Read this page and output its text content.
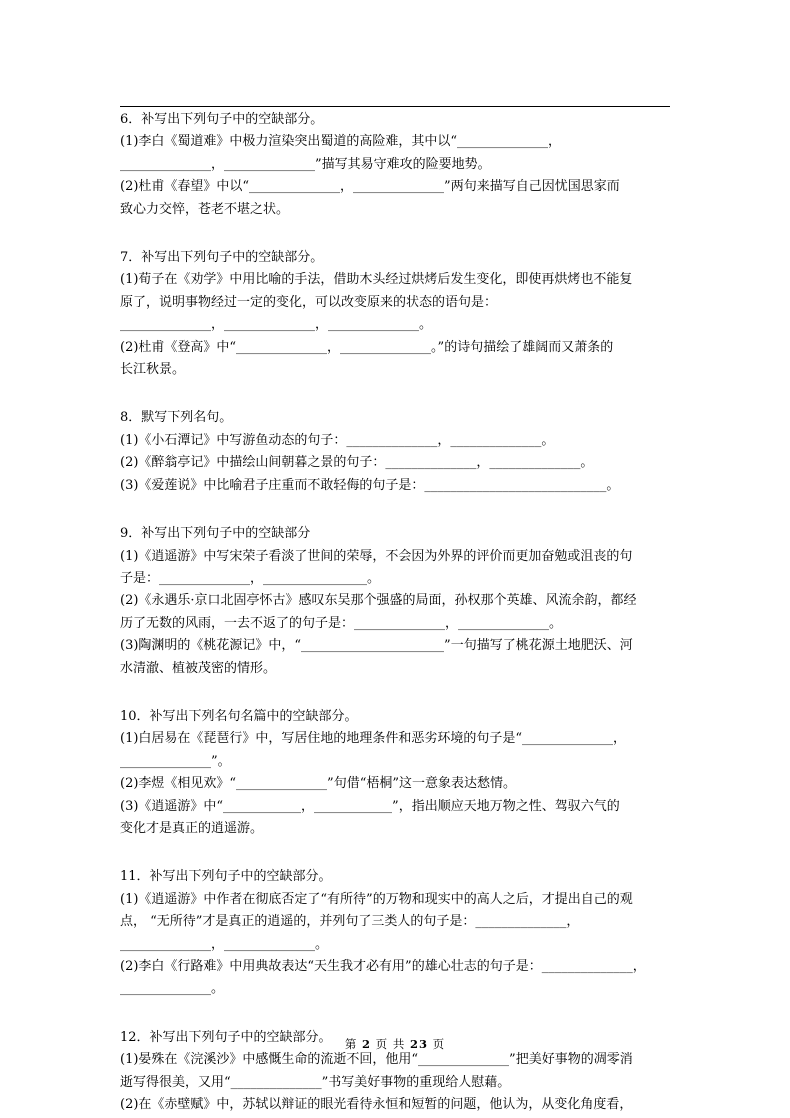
6．补写出下列句子中的空缺部分。
(1)李白《蜀道难》中极力渲染突出蜀道的高险难，其中以“______________，
______________，______________”描写其易守难攻的险要地势。
(2)杜甫《春望》中以“______________，______________”两句来描写自己因忧国思家而
致心力交悴，苍老不堪之状。
7．补写出下列句子中的空缺部分。
(1)荀子在《劝学》中用比喻的手法，借助木头经过烘烤后发生变化，即使再烘烤也不能复
原了，说明事物经过一定的变化，可以改变原来的状态的语句是：
______________，______________，______________。
(2)杜甫《登高》中“______________，______________。”的诗句描绘了雄阔而又萧条的
长江秋景。
8．默写下列名句。
(1)《小石潭记》中写游鱼动态的句子：______________，______________。
(2)《醉翁亭记》中描绘山间朝暮之景的句子：______________，______________。
(3)《爱莲说》中比喻君子庄重而不敢轻侮的句子是：____________________________。
9．补写出下列句子中的空缺部分
(1)《逍遥游》中写宋荣子看淡了世间的荣辱，不会因为外界的评价而更加奋勉或沮丧的句
子是：______________，________________。
(2)《永遇乐·京口北固亭怀古》感叹东吴那个强盛的局面，孙权那个英雄、风流余韵，都经
历了无数的风雨，一去不返了的句子是：______________，______________。
(3)陶渊明的《桃花源记》中，“______________________”一句描写了桃花源土地肥沃、河
水清澈、植被茂密的情形。
10．补写出下列名句名篇中的空缺部分。
(1)白居易在《琵琶行》中，写居住地的地理条件和恶劣环境的句子是“______________，
______________”。
(2)李煜《相见欢》“______________”句借“梧桐”这一意象表达愁情。
(3)《逍遥游》中“____________，____________”，指出顺应天地万物之性、驾驭六气的
变化才是真正的逍遥游。
11．补写出下列句子中的空缺部分。
(1)《逍遥游》中作者在彻底否定了“有所待”的万物和现实中的高人之后，才提出自己的观
点， “无所待”才是真正的逍遥的，并列句了三类人的句子是：______________，
______________，______________。
(2)李白《行路难》中用典故表达“天生我才必有用”的雄心壮志的句子是：______________，
______________。
12．补写出下列句子中的空缺部分。
(1)晏殊在《浣溪沙》中感慨生命的流逝不回，他用“______________”把美好事物的凋零消
逝写得很美，又用“______________”书写美好事物的重现给人慰藉。
(2)在《赤壁赋》中，苏轼以辩证的眼光看待永恒和短暂的问题，他认为，从变化角度看，
第 2 页 共 23 页
